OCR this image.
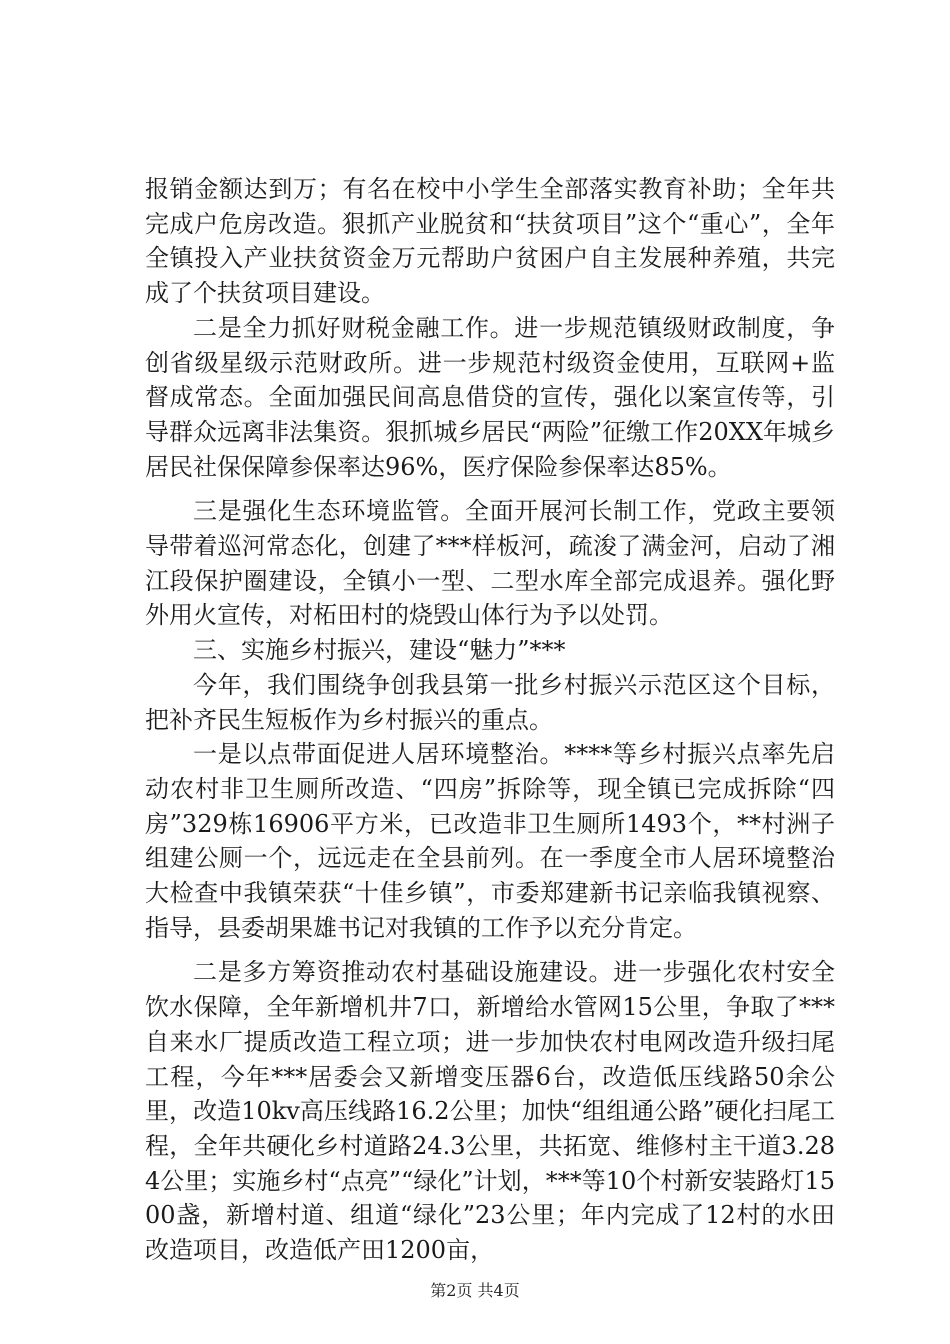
报销金额达到万；有名在校中小学生全部落实教育补助；全年共完成户危房改造。狠抓产业脱贫和“扶贫项目”这个“重心”，全年全镇投入产业扶贫资金万元帮助户贫困户自主发展种养殖，共完成了个扶贫项目建设。

二是全力抓好财税金融工作。进一步规范镇级财政制度，争创省级星级示范财政所。进一步规范村级资金使用，互联网+监督成常态。全面加强民间高息借贷的宣传，强化以案宣传等，引导群众远离非法集资。狠抓城乡居民“两险”征缴工作20XX年城乡居民社保保障参保率达96%，医疗保险参保率达85%。

三是强化生态环境监管。全面开展河长制工作，党政主要领导带着巡河常态化，创建了***样板河，疏浚了满金河，启动了湘江段保护圈建设，全镇小一型、二型水库全部完成退养。强化野外用火宣传，对柘田村的烧毁山体行为予以处罚。

三、实施乡村振兴，建设“魅力”***

今年，我们围绕争创我县第一批乡村振兴示范区这个目标，把补齐民生短板作为乡村振兴的重点。

一是以点带面促进人居环境整治。****等乡村振兴点率先启动农村非卫生厕所改造、“四房”拆除等，现全镇已完成拆除“四房”329栋16906平方米，已改造非卫生厕所1493个，**村洲子组建公厕一个，远远走在全县前列。在一季度全市人居环境整治大检查中我镇荣获“十佳乡镇”，市委郑建新书记亲临我镇视察、指导，县委胡果雄书记对我镇的工作予以充分肯定。

二是多方筹资推动农村基础设施建设。进一步强化农村安全饮水保障，全年新增机井7口，新增给水管网15公里，争取了***自来水厂提质改造工程立项；进一步加快农村电网改造升级扫尾工程，今年***居委会又新增变压器6台，改造低压线路50余公里，改造10kv高压线路16.2公里；加快“组组通公路”硬化扫尾工程，全年共硬化乡村道路24.3公里，共拓宽、维修村主干道3.284公里；实施乡村“点亮”“绿化”计划，***等10个村新安装路灯1500盏，新增村道、组道“绿化”23公里；年内完成了12村的水田改造项目，改造低产田1200亩，

第2页 共4页
